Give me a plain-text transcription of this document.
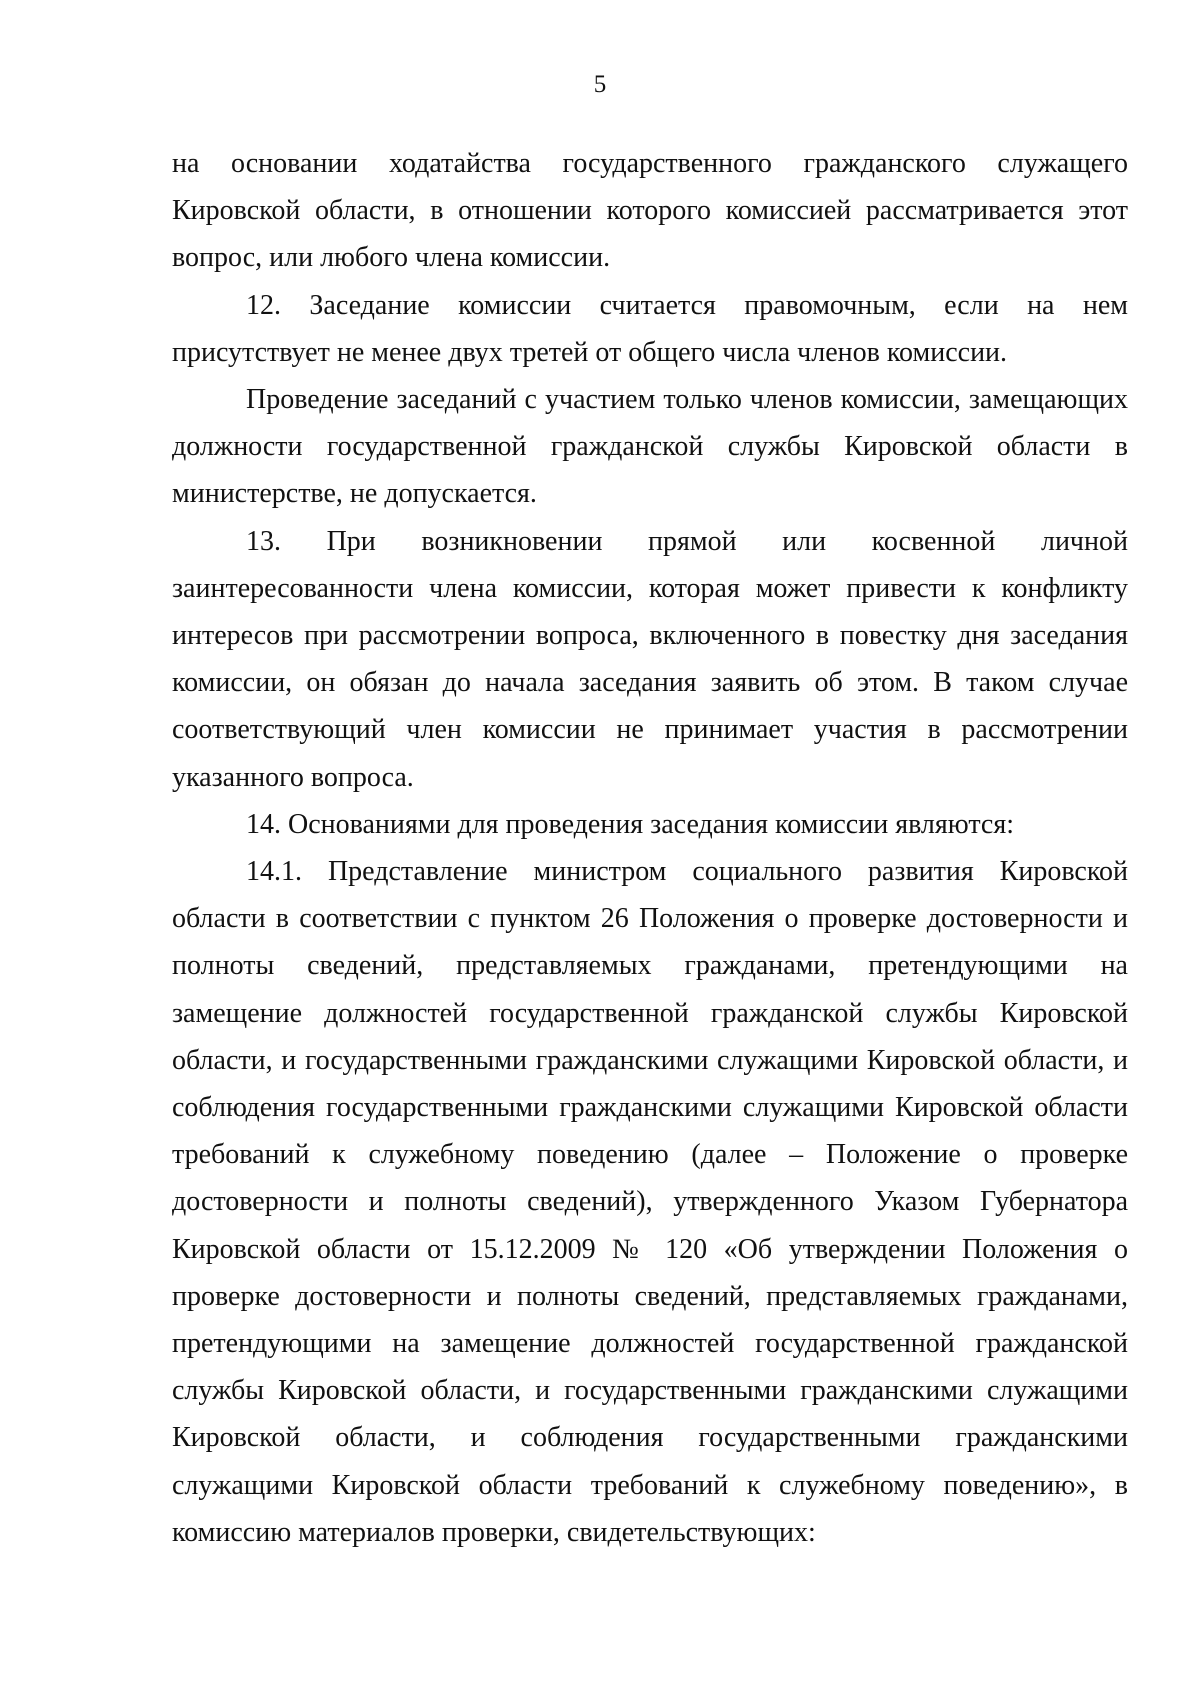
5

на основании ходатайства государственного гражданского служащего Кировской области, в отношении которого комиссией рассматривается этот вопрос, или любого члена комиссии.

12. Заседание комиссии считается правомочным, если на нем присутствует не менее двух третей от общего числа членов комиссии.

Проведение заседаний с участием только членов комиссии, замещающих должности государственной гражданской службы Кировской области в министерстве, не допускается.

13. При возникновении прямой или косвенной личной заинтересованности члена комиссии, которая может привести к конфликту интересов при рассмотрении вопроса, включенного в повестку дня заседания комиссии, он обязан до начала заседания заявить об этом. В таком случае соответствующий член комиссии не принимает участия в рассмотрении указанного вопроса.

14. Основаниями для проведения заседания комиссии являются:

14.1. Представление министром социального развития Кировской области в соответствии с пунктом 26 Положения о проверке достоверности и полноты сведений, представляемых гражданами, претендующими на замещение должностей государственной гражданской службы Кировской области, и государственными гражданскими служащими Кировской области, и соблюдения государственными гражданскими служащими Кировской области требований к служебному поведению (далее – Положение о проверке достоверности и полноты сведений), утвержденного Указом Губернатора Кировской области от 15.12.2009 № 120 «Об утверждении Положения о проверке достоверности и полноты сведений, представляемых гражданами, претендующими на замещение должностей государственной гражданской службы Кировской области, и государственными гражданскими служащими Кировской области, и соблюдения государственными гражданскими служащими Кировской области требований к служебному поведению», в комиссию материалов проверки, свидетельствующих:
